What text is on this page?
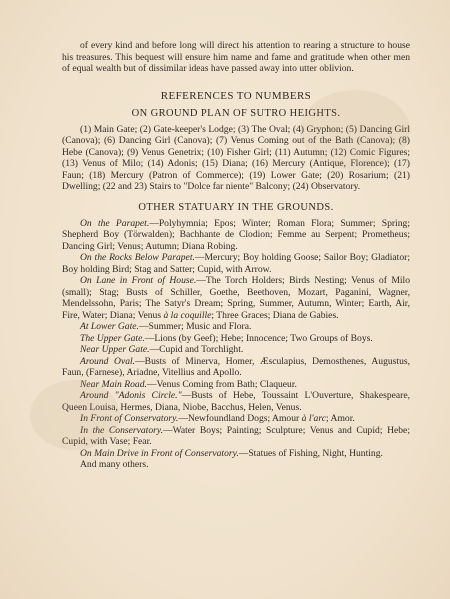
of every kind and before long will direct his attention to rearing a structure to house his treasures. This bequest will ensure him name and fame and gratitude when other men of equal wealth but of dissimilar ideas have passed away into utter oblivion.

REFERENCES TO NUMBERS
ON GROUND PLAN OF SUTRO HEIGHTS.

(1) Main Gate; (2) Gate-keeper's Lodge; (3) The Oval; (4) Gryphon; (5) Dancing Girl (Canova); (6) Dancing Girl (Canova); (7) Venus Coming out of the Bath (Canova); (8) Hebe (Canova); (9) Venus Genetrix; (10) Fisher Girl; (11) Autumn; (12) Comic Figures; (13) Venus of Milo; (14) Adonis; (15) Diana; (16) Mercury (Antique, Florence); (17) Faun; (18) Mercury (Patron of Commerce); (19) Lower Gate; (20) Rosarium; (21) Dwelling; (22 and 23) Stairs to "Dolce far niente" Balcony; (24) Observatory.

OTHER STATUARY IN THE GROUNDS.

On the Parapet.—Polyhymnia; Epos; Winter; Roman Flora; Summer; Spring; Shepherd Boy (Törwalden); Bachhante de Clodion; Femme au Serpent; Prometheus; Dancing Girl; Venus; Autumn; Diana Robing.

On the Rocks Below Parapet.—Mercury; Boy holding Goose; Sailor Boy; Gladiator; Boy holding Bird; Stag and Satter; Cupid, with Arrow.

On Lane in Front of House.—The Torch Holders; Birds Nesting; Venus of Milo (small); Stag; Busts of Schiller, Goethe, Beethoven, Mozart, Paganini, Wagner, Mendelssohn, Paris; The Satyr's Dream; Spring, Summer, Autumn, Winter; Earth, Air, Fire, Water; Diana; Venus à la coquille; Three Graces; Diana de Gabies.

At Lower Gate.—Summer; Music and Flora.

The Upper Gate.—Lions (by Geef); Hebe; Innocence; Two Groups of Boys.

Near Upper Gate.—Cupid and Torchlight.

Around Oval.—Busts of Minerva, Homer, Æsculapius, Demosthenes, Augustus, Faun, (Farnese), Ariadne, Vitellius and Apollo.

Near Main Road.—Venus Coming from Bath; Claqueur.

Around "Adonis Circle."—Busts of Hebe, Toussaint L'Ouverture, Shakespeare, Queen Louisa, Hermes, Diana, Niobe, Bacchus, Helen, Venus.

In Front of Conservatory.—Newfoundland Dogs; Amour à l'arc; Amor.

In the Conservatory.—Water Boys; Painting; Sculpture; Venus and Cupid; Hebe; Cupid, with Vase; Fear.

On Main Drive in Front of Conservatory.—Statues of Fishing, Night, Hunting.

And many others.
